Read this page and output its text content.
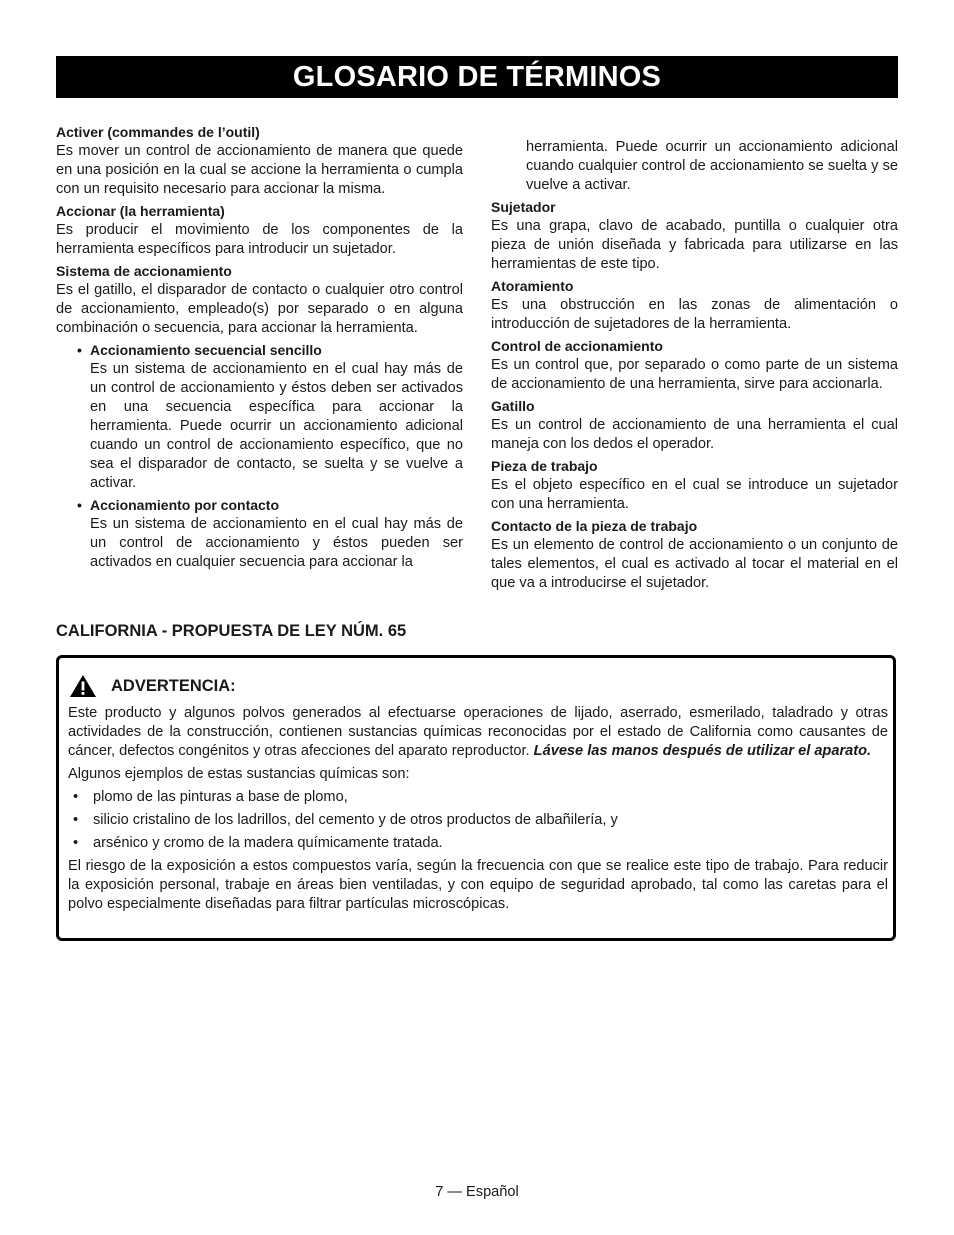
GLOSARIO DE TÉRMINOS

Activer (commandes de l’outil)

Es mover un control de accionamiento de manera que quede en una posición en la cual se accione la herramienta o cumpla con un requisito necesario para accionar la misma.

Accionar (la herramienta)

Es producir el movimiento de los componentes de la herramienta específicos para introducir un sujetador.

Sistema de accionamiento

Es el gatillo, el disparador de contacto o cualquier otro control de accionamiento, empleado(s) por separado o en alguna combinación o secuencia, para accionar la herramienta.

• Accionamiento secuencial sencillo

Es un sistema de accionamiento en el cual hay más de un control de accionamiento y éstos deben ser activados en una secuencia específica para accionar la herramienta. Puede ocurrir un accionamiento adicional cuando un control de accionamiento específico, que no sea el disparador de contacto, se suelta y se vuelve a activar.

• Accionamiento por contacto

Es un sistema de accionamiento en el cual hay más de un control de accionamiento y éstos pueden ser activados en cualquier secuencia para accionar la

herramienta. Puede ocurrir un accionamiento adicional cuando cualquier control de accionamiento se suelta y se vuelve a activar.

Sujetador

Es una grapa, clavo de acabado, puntilla o cualquier otra pieza de unión diseñada y fabricada para utilizarse en las herramientas de este tipo.

Atoramiento

Es una obstrucción en las zonas de alimentación o introducción de sujetadores de la herramienta.

Control de accionamiento

Es un control que, por separado o como parte de un sistema de accionamiento de una herramienta, sirve para accionarla.

Gatillo

Es un control de accionamiento de una herramienta el cual maneja con los dedos el operador.

Pieza de trabajo

Es el objeto específico en el cual se introduce un sujetador con una herramienta.

Contacto de la pieza de trabajo

Es un elemento de control de accionamiento o un conjunto de tales elementos, el cual es activado al tocar el material en el que va a introducirse el sujetador.

CALIFORNIA - PROPUESTA DE LEY NÚM. 65
ADVERTENCIA:

Este producto y algunos polvos generados al efectuarse operaciones de lijado, aserrado, esmerilado, taladrado y otras actividades de la construcción, contienen sustancias químicas reconocidas por el estado de California como causantes de cáncer, defectos congénitos y otras afecciones del aparato reproductor. Lávese las manos después de utilizar el aparato.

Algunos ejemplos de estas sustancias químicas son:

• plomo de las pinturas a base de plomo,
• silicio cristalino de los ladrillos, del cemento y de otros productos de albañilería, y
• arsénico y cromo de la madera químicamente tratada.

El riesgo de la exposición a estos compuestos varía, según la frecuencia con que se realice este tipo de trabajo. Para reducir la exposición personal, trabaje en áreas bien ventiladas, y con equipo de seguridad aprobado, tal como las caretas para el polvo especialmente diseñadas para filtrar partículas microscópicas.

7 — Español
